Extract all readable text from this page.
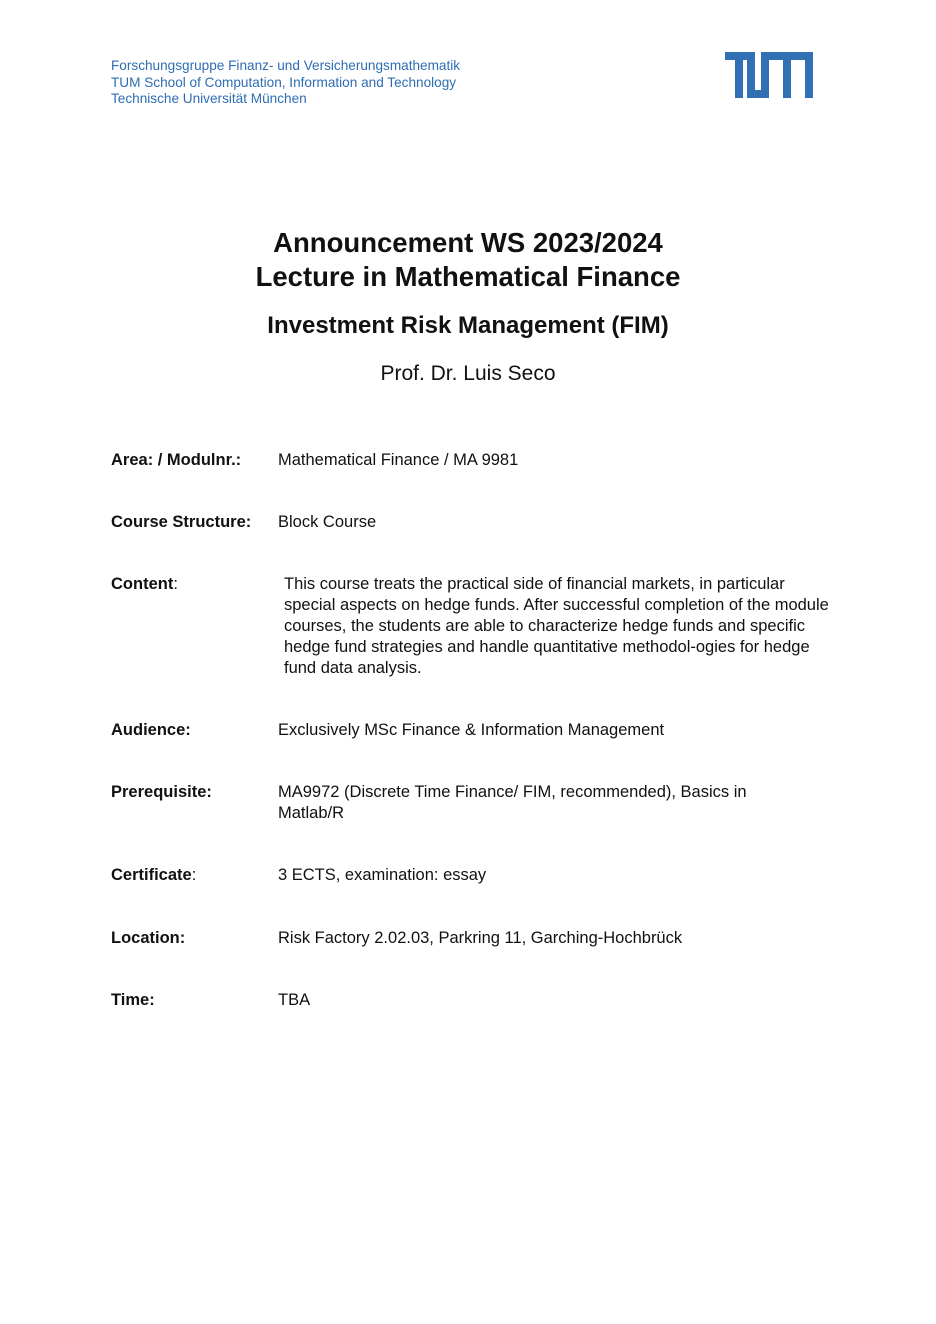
Forschungsgruppe Finanz- und Versicherungsmathematik
TUM School of Computation, Information and Technology
Technische Universität München
Announcement WS 2023/2024
Lecture in Mathematical Finance
Investment Risk Management (FIM)
Prof. Dr. Luis Seco
Area: / Modulnr.: Mathematical Finance / MA 9981
Course Structure: Block Course
Content:	This course treats the practical side of financial markets, in particular special aspects on hedge funds. After successful completion of the module courses, the students are able to characterize hedge funds and specific hedge fund strategies and handle quantitative methodol-ogies for hedge fund data analysis.
Audience:	Exclusively MSc Finance & Information Management
Prerequisite:	MA9972 (Discrete Time Finance/ FIM, recommended), Basics in Matlab/R
Certificate:	3 ECTS, examination: essay
Location:	Risk Factory 2.02.03, Parkring 11, Garching-Hochbrück
Time:	TBA
